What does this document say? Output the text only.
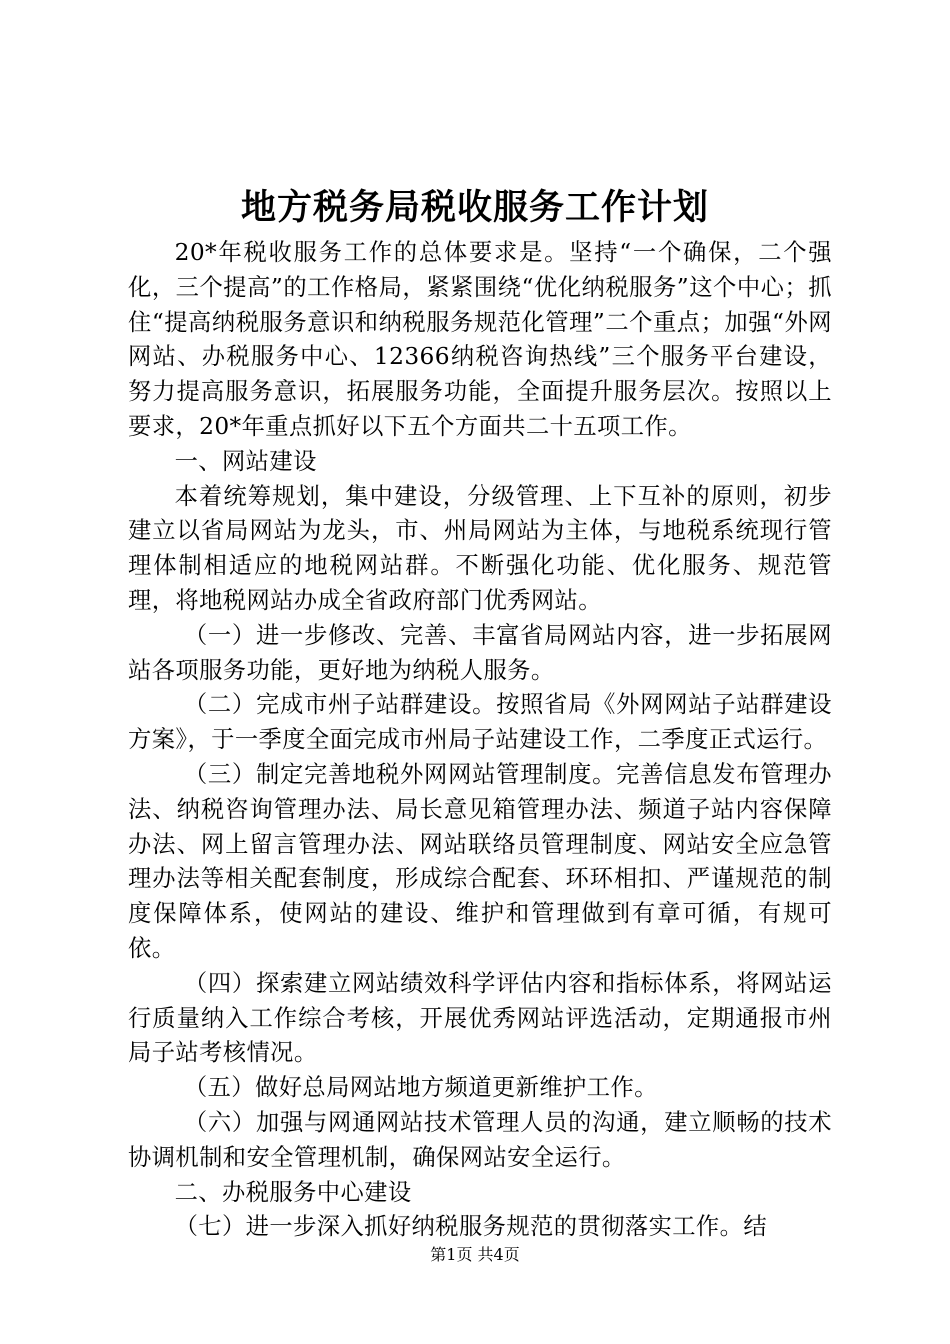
地方税务局税收服务工作计划

20*年税收服务工作的总体要求是。坚持“一个确保，二个强化，三个提高”的工作格局，紧紧围绕“优化纳税服务”这个中心；抓住“提高纳税服务意识和纳税服务规范化管理”二个重点；加强“外网网站、办税服务中心、12366纳税咨询热线”三个服务平台建设，努力提高服务意识，拓展服务功能，全面提升服务层次。按照以上要求，20*年重点抓好以下五个方面共二十五项工作。

一、网站建设

本着统筹规划，集中建设，分级管理、上下互补的原则，初步建立以省局网站为龙头，市、州局网站为主体，与地税系统现行管理体制相适应的地税网站群。不断强化功能、优化服务、规范管理，将地税网站办成全省政府部门优秀网站。

（一）进一步修改、完善、丰富省局网站内容，进一步拓展网站各项服务功能，更好地为纳税人服务。

（二）完成市州子站群建设。按照省局《外网网站子站群建设方案》，于一季度全面完成市州局子站建设工作，二季度正式运行。

（三）制定完善地税外网网站管理制度。完善信息发布管理办法、纳税咨询管理办法、局长意见箱管理办法、频道子站内容保障办法、网上留言管理办法、网站联络员管理制度、网站安全应急管理办法等相关配套制度，形成综合配套、环环相扣、严谨规范的制度保障体系，使网站的建设、维护和管理做到有章可循，有规可依。

（四）探索建立网站绩效科学评估内容和指标体系，将网站运行质量纳入工作综合考核，开展优秀网站评选活动，定期通报市州局子站考核情况。

（五）做好总局网站地方频道更新维护工作。

（六）加强与网通网站技术管理人员的沟通，建立顺畅的技术协调机制和安全管理机制，确保网站安全运行。

二、办税服务中心建设

（七）进一步深入抓好纳税服务规范的贯彻落实工作。结

第1页 共4页
